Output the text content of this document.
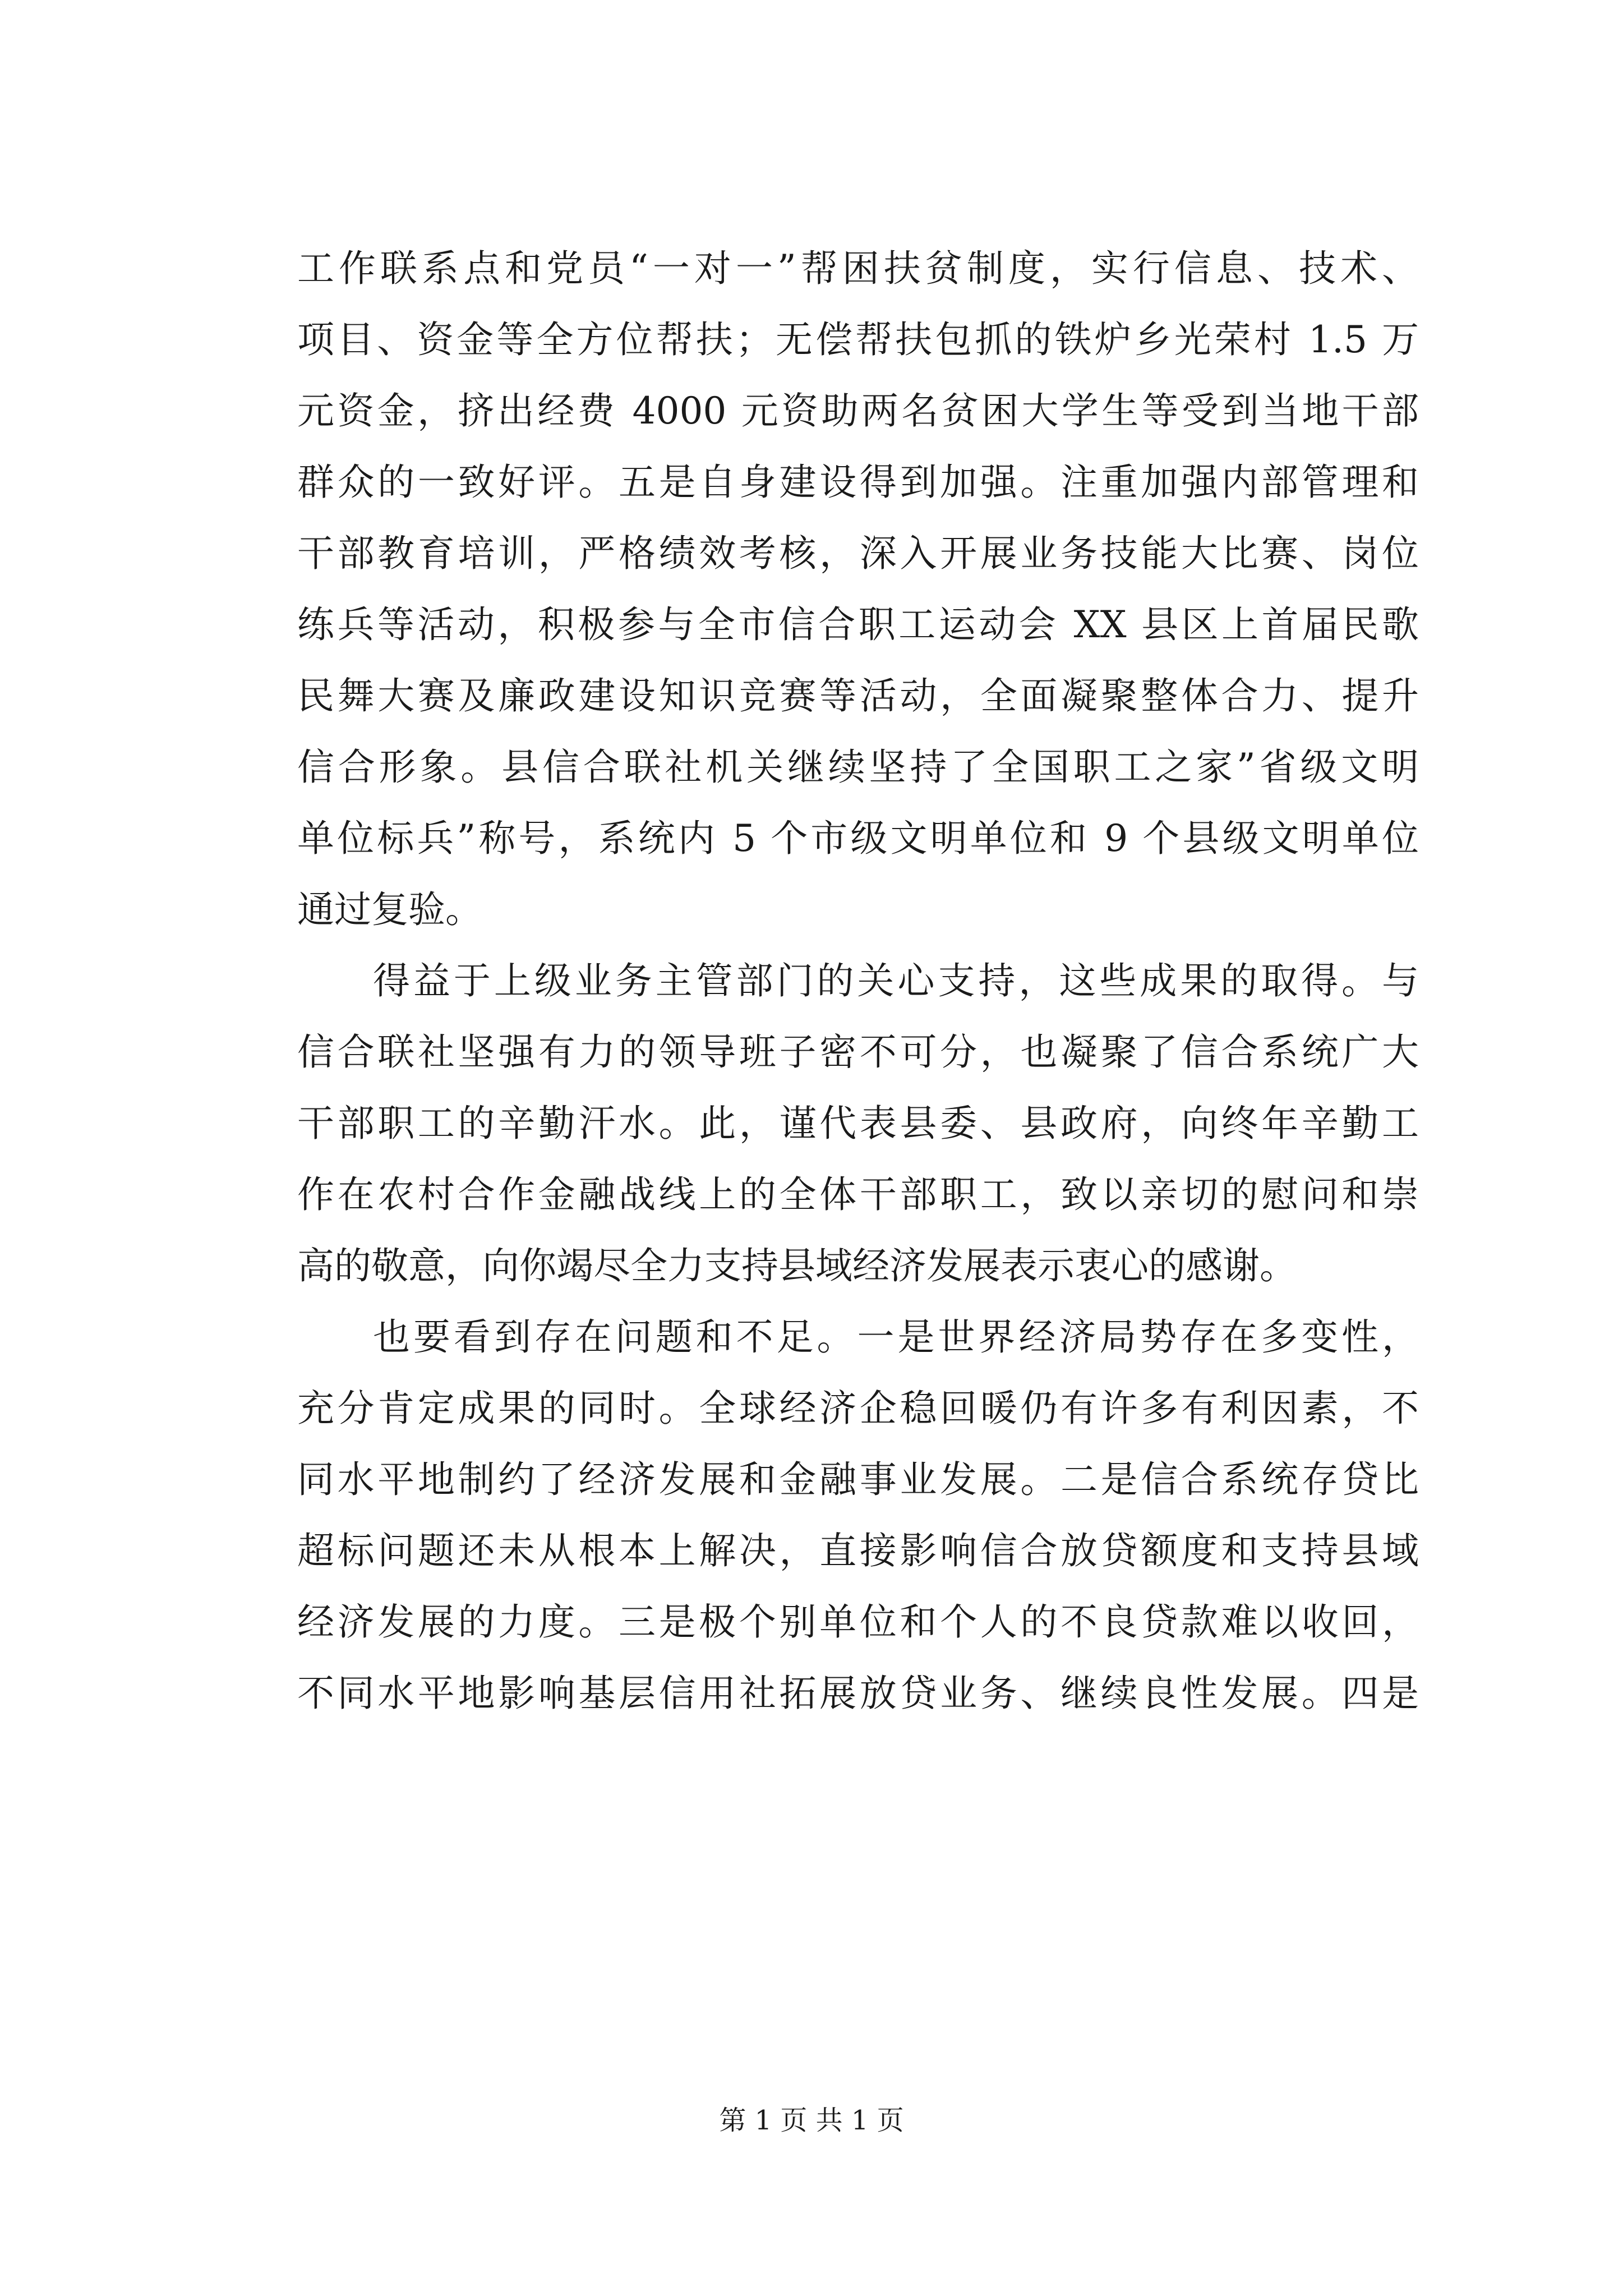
工作联系点和党员“一对一”帮困扶贫制度，实行信息、技术、
项目、资金等全方位帮扶；无偿帮扶包抓的铁炉乡光荣村 1.5 万
元资金，挤出经费 4000 元资助两名贫困大学生等受到当地干部
群众的一致好评。五是自身建设得到加强。注重加强内部管理和
干部教育培训，严格绩效考核，深入开展业务技能大比赛、岗位
练兵等活动，积极参与全市信合职工运动会 XX 县区上首届民歌
民舞大赛及廉政建设知识竞赛等活动，全面凝聚整体合力、提升
信合形象。县信合联社机关继续坚持了全国职工之家”省级文明
单位标兵”称号，系统内 5 个市级文明单位和 9 个县级文明单位
通过复验。
得益于上级业务主管部门的关心支持，这些成果的取得。与
信合联社坚强有力的领导班子密不可分，也凝聚了信合系统广大
干部职工的辛勤汗水。此，谨代表县委、县政府，向终年辛勤工
作在农村合作金融战线上的全体干部职工，致以亲切的慰问和崇
高的敬意，向你竭尽全力支持县域经济发展表示衷心的感谢。
也要看到存在问题和不足。一是世界经济局势存在多变性，
充分肯定成果的同时。全球经济企稳回暖仍有许多有利因素，不
同水平地制约了经济发展和金融事业发展。二是信合系统存贷比
超标问题还未从根本上解决，直接影响信合放贷额度和支持县域
经济发展的力度。三是极个别单位和个人的不良贷款难以收回，
不同水平地影响基层信用社拓展放贷业务、继续良性发展。四是
第 1 页 共 1 页
